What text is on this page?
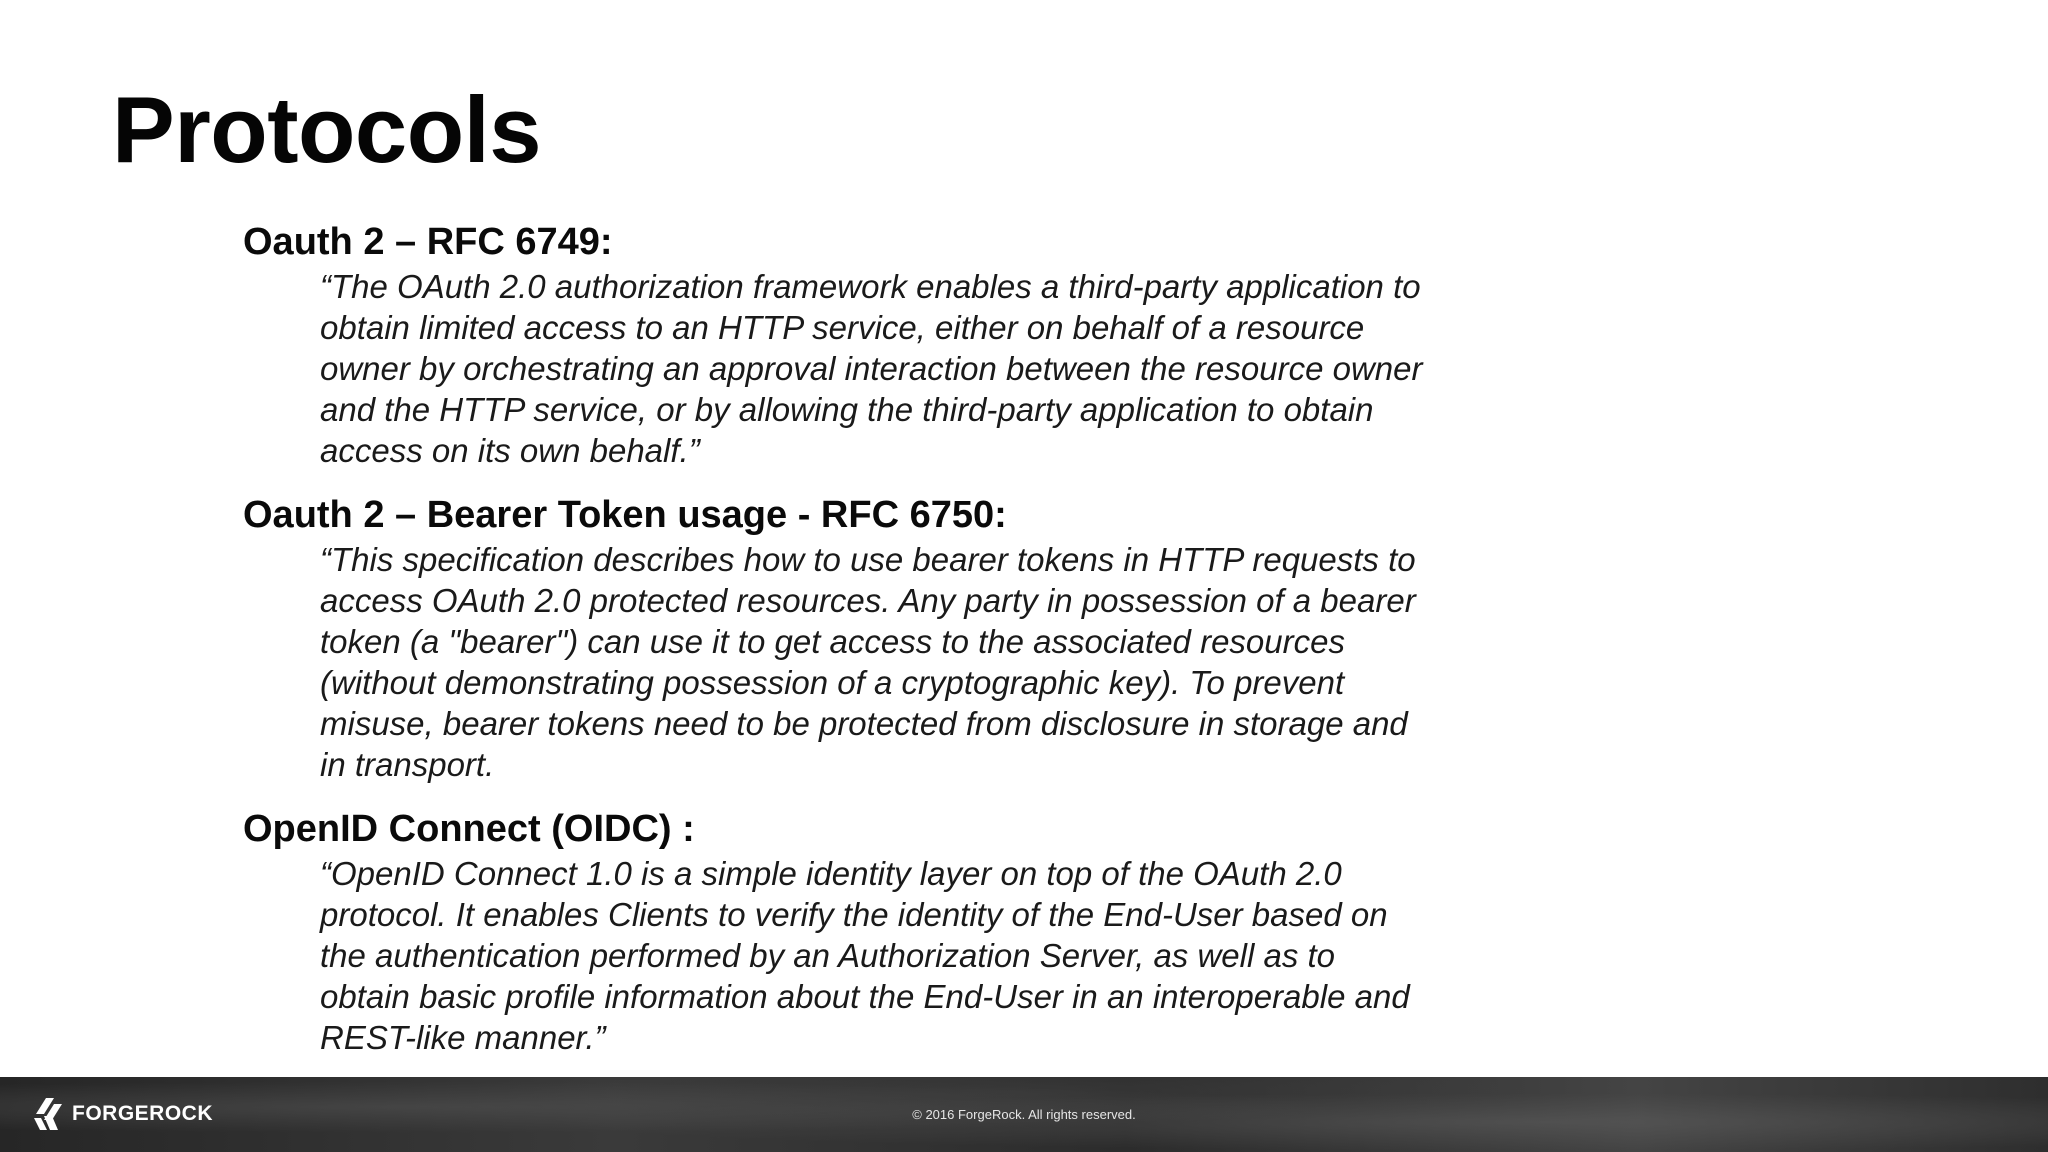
Protocols

Oauth 2 – RFC 6749:

“The OAuth 2.0 authorization framework enables a third-party application to
obtain limited access to an HTTP service, either on behalf of a resource
owner by orchestrating an approval interaction between the resource owner
and the HTTP service, or by allowing the third-party application to obtain
access on its own behalf.”

Oauth 2 – Bearer Token usage - RFC 6750:

“This specification describes how to use bearer tokens in HTTP requests to
access OAuth 2.0 protected resources. Any party in possession of a bearer
token (a "bearer") can use it to get access to the associated resources
(without demonstrating possession of a cryptographic key). To prevent
misuse, bearer tokens need to be protected from disclosure in storage and
in transport.

OpenID Connect (OIDC) :

“OpenID Connect 1.0 is a simple identity layer on top of the OAuth 2.0
protocol. It enables Clients to verify the identity of the End-User based on
the authentication performed by an Authorization Server, as well as to
obtain basic profile information about the End-User in an interoperable and
REST-like manner.”

FORGEROCK	© 2016 ForgeRock. All rights reserved.
